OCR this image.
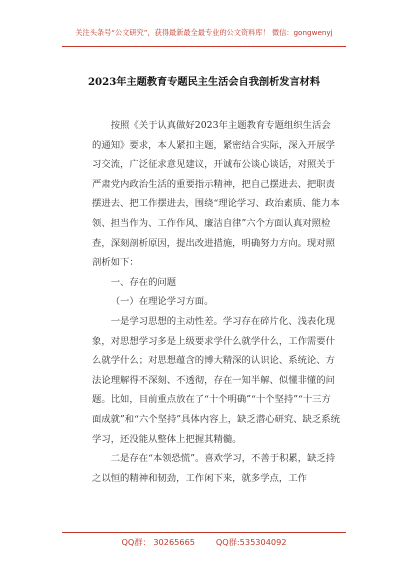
关注头条号“公文研究”，获得最新最全最专业的公文资料库！ 微信：gongwenyj
2023年主题教育专题民主生活会自我剖析发言材料

按照《关于认真做好2023年主题教育专题组织生活会的通知》要求，本人紧扣主题，紧密结合实际，深入开展学习交流，广泛征求意见建议，开诚布公谈心谈话，对照关于严肃党内政治生活的重要指示精神，把自己摆进去、把职责摆进去、把工作摆进去，围绕“理论学习、政治素质、能力本领、担当作为、工作作风、廉洁自律”六个方面认真对照检查，深刻剖析原因，提出改进措施，明确努力方向。现对照剖析如下：

一、存在的问题

（一）在理论学习方面。

一是学习思想的主动性差。学习存在碎片化、浅表化现象，对思想学习多是上级要求学什么就学什么，工作需要什么就学什么；对思想蕴含的博大精深的认识论、系统论、方法论理解得不深刻、不透彻，存在一知半解、似懂非懂的问题。比如，目前重点放在了“十个明确”“十个坚持”“十三方面成就”和“六个坚持”具体内容上，缺乏潜心研究、缺乏系统学习，还没能从整体上把握其精髓。

二是存在“本领恐慌”。喜欢学习，不善于积累，缺乏持之以恒的精神和韧劲，工作闲下来，就多学点，工作

QQ群： 30265665        QQ群:535304092
